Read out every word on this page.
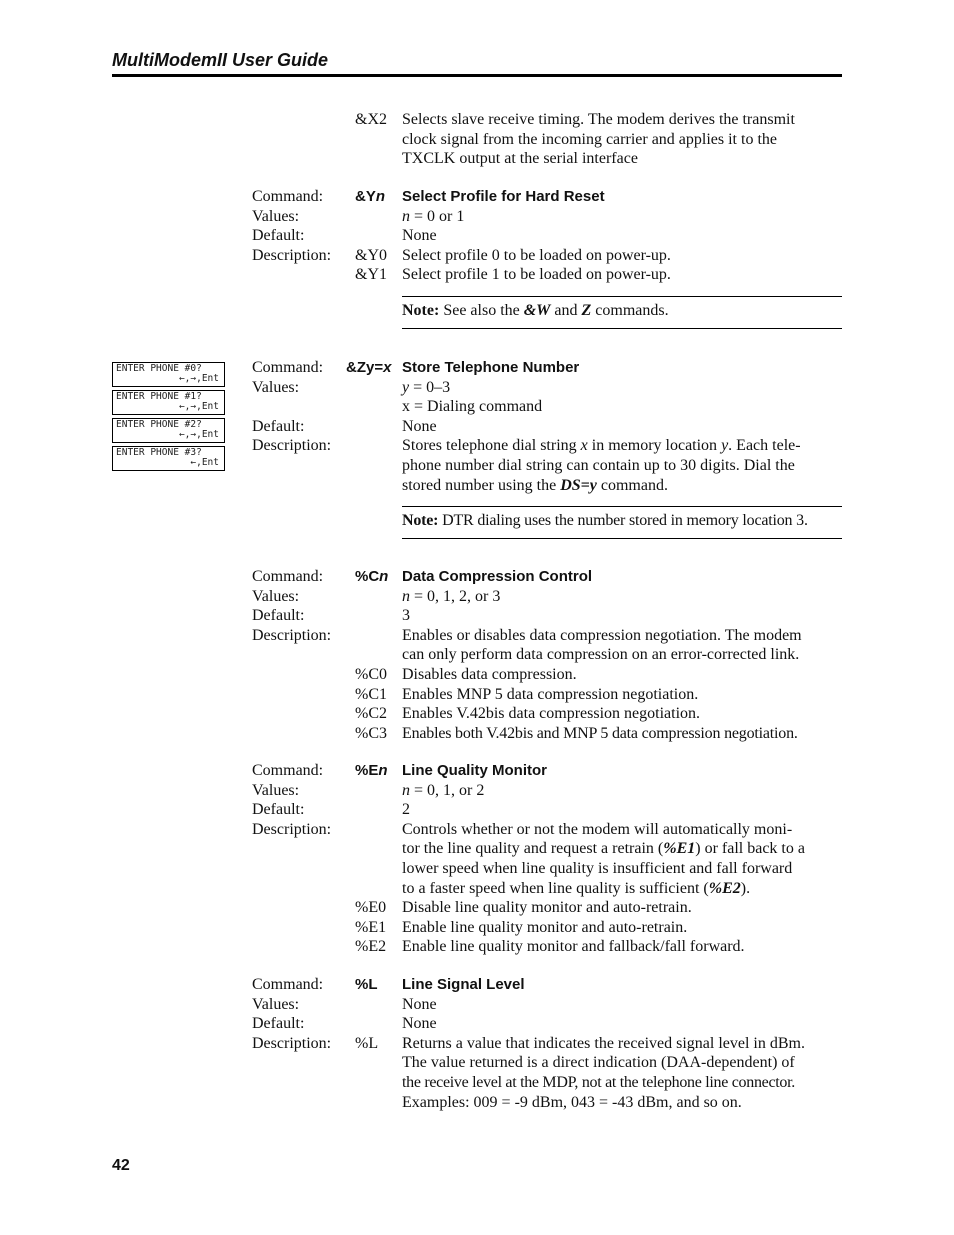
MultiModemII User Guide
&X2 Selects slave receive timing. The modem derives the transmit
clock signal from the incoming carrier and applies it to the
TXCLK output at the serial interface
Command: &Yn Select Profile for Hard Reset
Values:	n = 0 or 1
Default:	None
Description: &Y0 Select profile 0 to be loaded on power-up.
&Y1 Select profile 1 to be loaded on power-up.
Note: See also the &W and Z commands.
ENTER PHONE #0?
←,→,Ent
ENTER PHONE #1?
←,→,Ent
ENTER PHONE #2?
←,→,Ent
ENTER PHONE #3?
←,Ent
Command: &Zy=x Store Telephone Number
Values:	y = 0–3
x = Dialing command
Default:	None
Description:	Stores telephone dial string x in memory location y. Each tele-
phone number dial string can contain up to 30 digits. Dial the
stored number using the DS=y command.
Note: DTR dialing uses the number stored in memory location 3.
Command: %Cn Data Compression Control
Values:	n = 0, 1, 2, or 3
Default:	3
Description:	Enables or disables data compression negotiation. The modem
can only perform data compression on an error-corrected link.
%C0 Disables data compression.
%C1 Enables MNP 5 data compression negotiation.
%C2 Enables V.42bis data compression negotiation.
%C3 Enables both V.42bis and MNP 5 data compression negotiation.
Command: %En Line Quality Monitor
Values:	n = 0, 1, or 2
Default:	2
Description:	Controls whether or not the modem will automatically moni-
tor the line quality and request a retrain (%E1) or fall back to a
lower speed when line quality is insufficient and fall forward
to a faster speed when line quality is sufficient (%E2).
%E0 Disable line quality monitor and auto-retrain.
%E1 Enable line quality monitor and auto-retrain.
%E2 Enable line quality monitor and fallback/fall forward.
Command: %L Line Signal Level
Values:	None
Default:	None
Description: %L Returns a value that indicates the received signal level in dBm.
The value returned is a direct indication (DAA-dependent) of
the receive level at the MDP, not at the telephone line connector.
Examples: 009 = -9 dBm, 043 = -43 dBm, and so on.
42
